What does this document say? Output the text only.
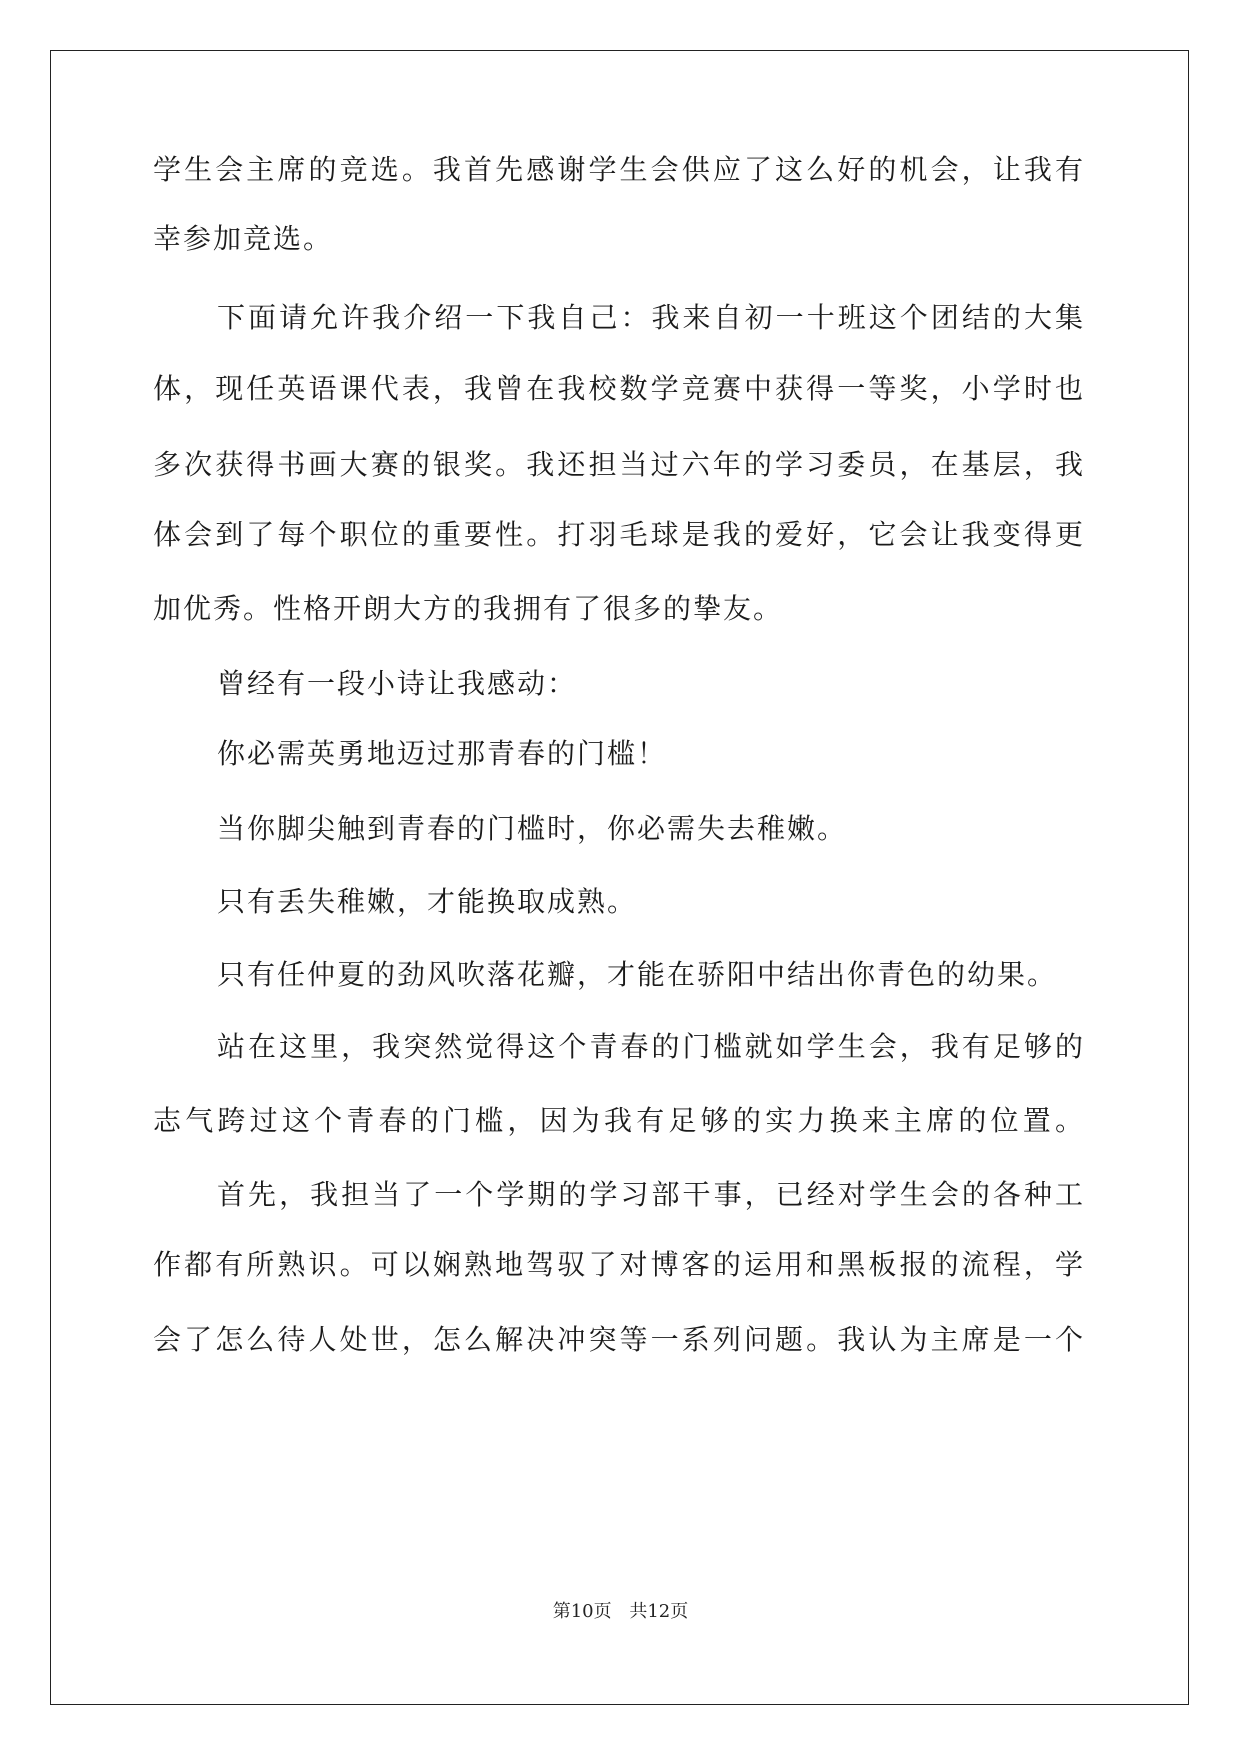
学生会主席的竞选。我首先感谢学生会供应了这么好的机会，让我有
幸参加竞选。
下面请允许我介绍一下我自己：我来自初一十班这个团结的大集
体，现任英语课代表，我曾在我校数学竞赛中获得一等奖，小学时也
多次获得书画大赛的银奖。我还担当过六年的学习委员，在基层，我
体会到了每个职位的重要性。打羽毛球是我的爱好，它会让我变得更
加优秀。性格开朗大方的我拥有了很多的挚友。
曾经有一段小诗让我感动：
你必需英勇地迈过那青春的门槛！
当你脚尖触到青春的门槛时，你必需失去稚嫩。
只有丢失稚嫩，才能换取成熟。
只有任仲夏的劲风吹落花瓣，才能在骄阳中结出你青色的幼果。
站在这里，我突然觉得这个青春的门槛就如学生会，我有足够的
志气跨过这个青春的门槛，因为我有足够的实力换来主席的位置。
首先，我担当了一个学期的学习部干事，已经对学生会的各种工
作都有所熟识。可以娴熟地驾驭了对博客的运用和黑板报的流程，学
会了怎么待人处世，怎么解决冲突等一系列问题。我认为主席是一个
第10页 共12页
